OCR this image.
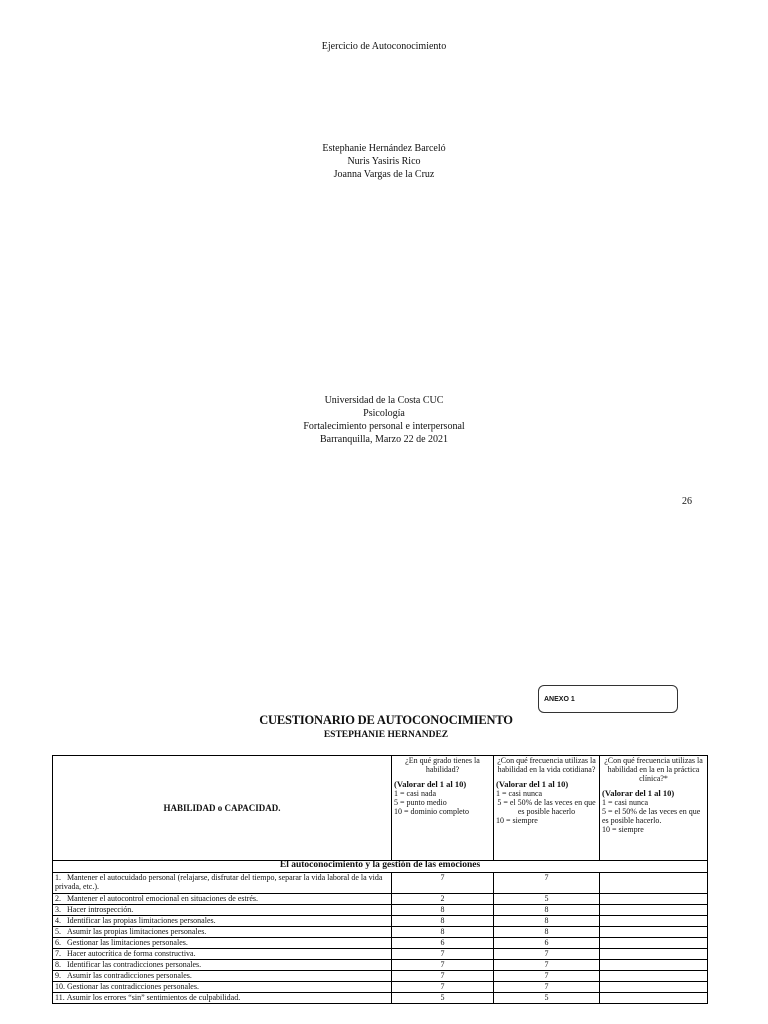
Ejercicio de Autoconocimiento
Estephanie Hernández Barceló
Nuris Yasiris Rico
Joanna Vargas de la Cruz
Universidad de la Costa CUC
Psicología
Fortalecimiento personal e interpersonal
Barranquilla, Marzo 22 de 2021
26
ANEXO 1
CUESTIONARIO DE AUTOCONOCIMIENTO
ESTEPHANIE HERNANDEZ
HABILIDAD o CAPACIDAD.	¿En qué grado tienes la habilidad?
(Valorar del 1 al 10)
1 = casi nada
5 = punto medio
10 = dominio completo	¿Con qué frecuencia utilizas la habilidad en la vida cotidiana?
(Valorar del 1 al 10)
1 = casi nunca
5 = el 50% de las veces en que es posible hacerlo
10 = siempre	¿Con qué frecuencia utilizas la habilidad en la en la práctica clínica?*
(Valorar del 1 al 10)
1 = casi nunca
5 = el 50% de las veces en que es posible hacerlo.
10 = siempre

El autoconocimiento y la gestión de las emociones			
1. Mantener el autocuidado personal (relajarse, disfrutar del tiempo, separar la vida laboral de la vida privada, etc.).	7	7	
2. Mantener el autocontrol emocional en situaciones de estrés.	2	5	
3. Hacer introspección.	8	8	
4. Identificar las propias limitaciones personales.	8	8	
5. Asumir las propias limitaciones personales.	8	8	
6. Gestionar las limitaciones personales.	6	6	
7. Hacer autocrítica de forma constructiva.	7	7	
8. Identificar las contradicciones personales.	7	7	
9. Asumir las contradicciones personales.	7	7	
10. Gestionar las contradicciones personales.	7	7	
11. Asumir los errores “sin” sentimientos de culpabilidad.	5	5	
